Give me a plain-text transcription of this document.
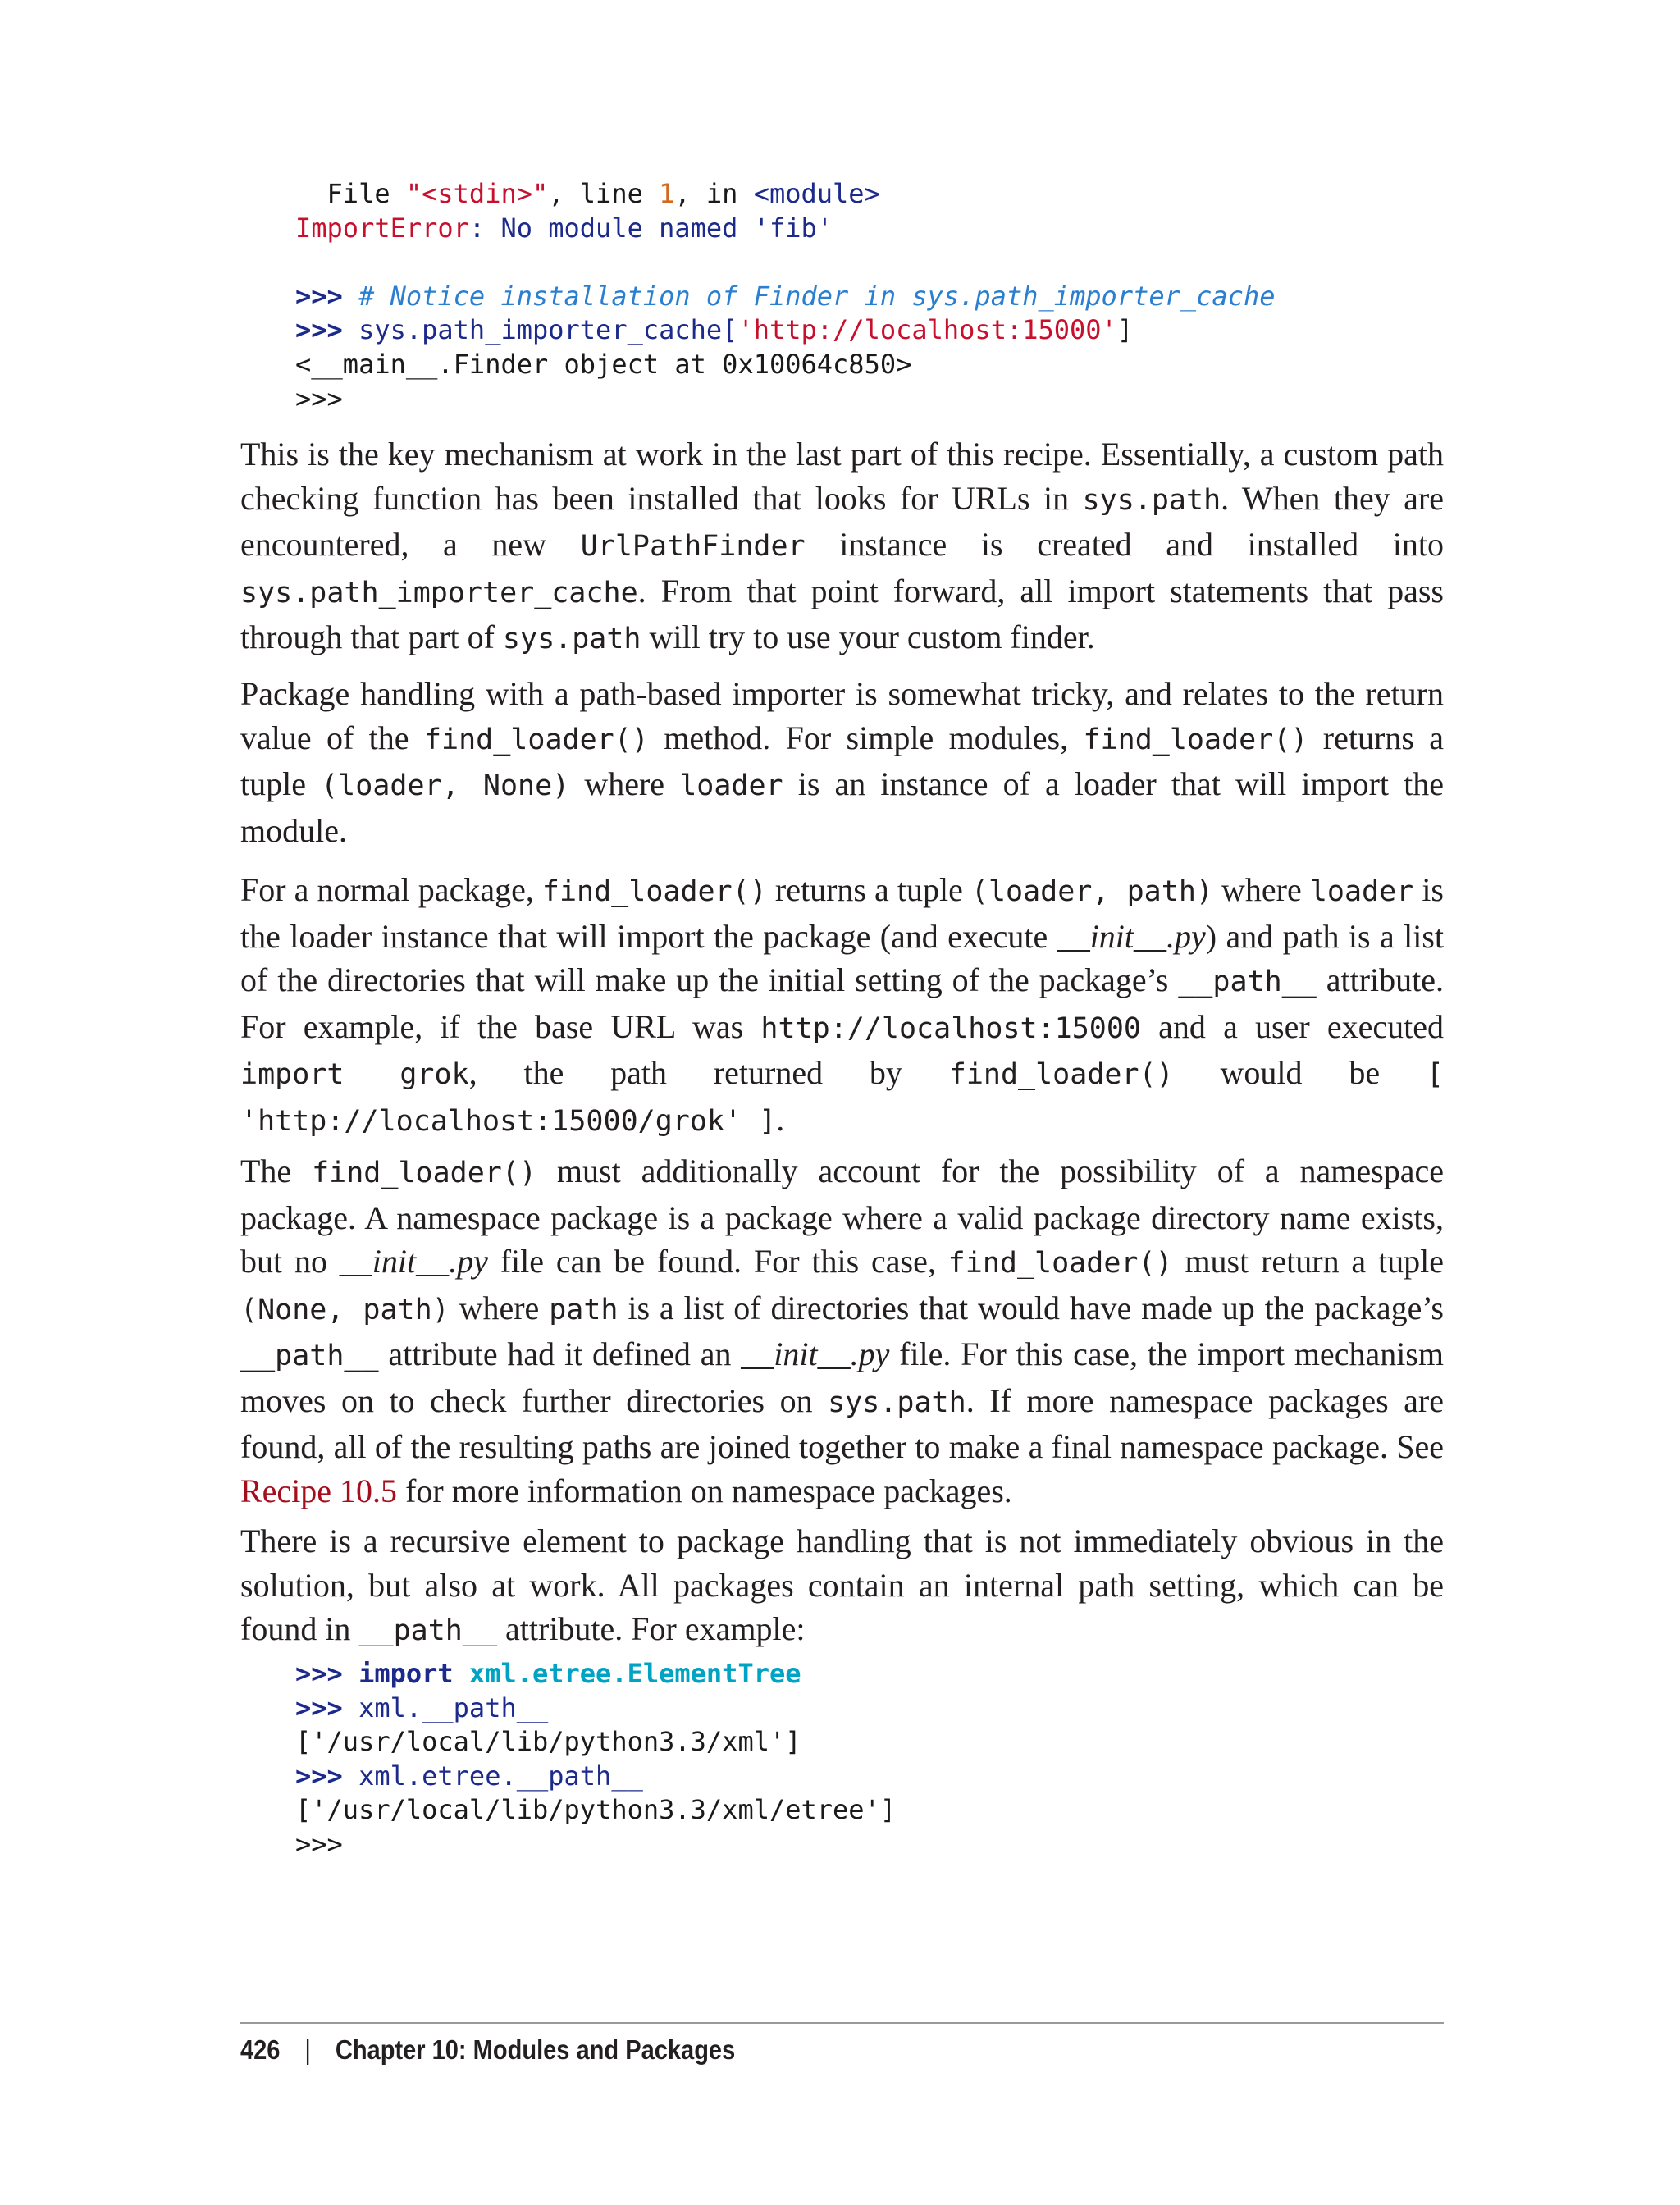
File "<stdin>", line 1, in <module>
ImportError: No module named 'fib'

>>> # Notice installation of Finder in sys.path_importer_cache
>>> sys.path_importer_cache['http://localhost:15000']
<__main__.Finder object at 0x10064c850>
>>>

This is the key mechanism at work in the last part of this recipe. Essentially, a custom path checking function has been installed that looks for URLs in sys.path. When they are encountered, a new UrlPathFinder instance is created and installed into sys.path_importer_cache. From that point forward, all import statements that pass through that part of sys.path will try to use your custom finder.

Package handling with a path-based importer is somewhat tricky, and relates to the return value of the find_loader() method. For simple modules, find_loader() returns a tuple (loader, None) where loader is an instance of a loader that will import the module.

For a normal package, find_loader() returns a tuple (loader, path) where loader is the loader instance that will import the package (and execute __init__.py) and path is a list of the directories that will make up the initial setting of the package’s __path__ attribute. For example, if the base URL was http://localhost:15000 and a user executed import grok, the path returned by find_loader() would be [ 'http://localhost:15000/grok' ].

The find_loader() must additionally account for the possibility of a namespace package. A namespace package is a package where a valid package directory name exists, but no __init__.py file can be found. For this case, find_loader() must return a tuple (None, path) where path is a list of directories that would have made up the package’s __path__ attribute had it defined an __init__.py file. For this case, the import mechanism moves on to check further directories on sys.path. If more namespace packages are found, all of the resulting paths are joined together to make a final namespace package. See Recipe 10.5 for more information on namespace packages.

There is a recursive element to package handling that is not immediately obvious in the solution, but also at work. All packages contain an internal path setting, which can be found in __path__ attribute. For example:

>>> import xml.etree.ElementTree
>>> xml.__path__
['/usr/local/lib/python3.3/xml']
>>> xml.etree.__path__
['/usr/local/lib/python3.3/xml/etree']
>>>
426 | Chapter 10: Modules and Packages
